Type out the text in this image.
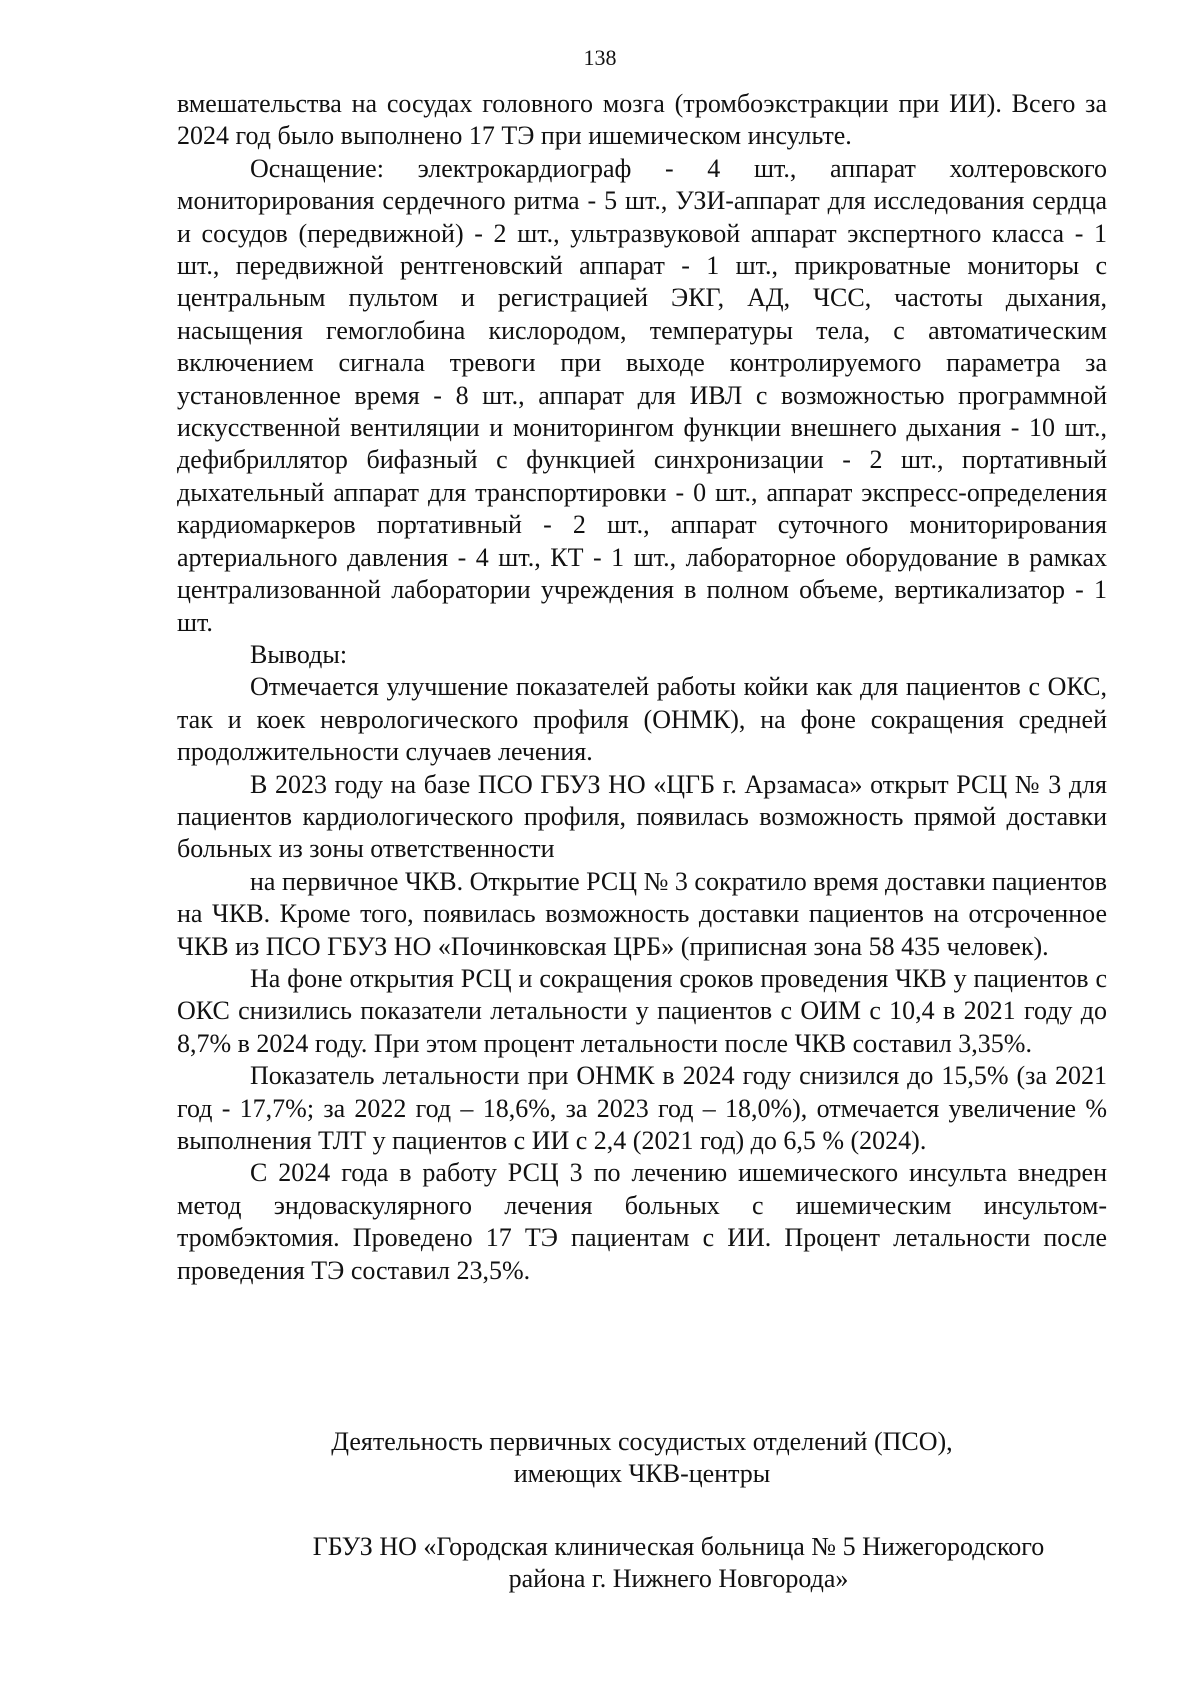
138

вмешательства на сосудах головного мозга (тромбоэкстракции при ИИ). Всего за 2024 год было выполнено 17 ТЭ при ишемическом инсульте.

Оснащение: электрокардиограф - 4 шт., аппарат холтеровского мониторирования сердечного ритма - 5 шт., УЗИ-аппарат для исследования сердца и сосудов (передвижной) - 2 шт., ультразвуковой аппарат экспертного класса - 1 шт., передвижной рентгеновский аппарат - 1 шт., прикроватные мониторы с центральным пультом и регистрацией ЭКГ, АД, ЧСС, частоты дыхания, насыщения гемоглобина кислородом, температуры тела, с автоматическим включением сигнала тревоги при выходе контролируемого параметра за установленное время - 8 шт., аппарат для ИВЛ с возможностью программной искусственной вентиляции и мониторингом функции внешнего дыхания - 10 шт., дефибриллятор бифазный с функцией синхронизации - 2 шт., портативный дыхательный аппарат для транспортировки - 0 шт., аппарат экспресс-определения кардиомаркеров портативный - 2 шт., аппарат суточного мониторирования артериального давления - 4 шт., КТ - 1 шт., лабораторное оборудование в рамках централизованной лаборатории учреждения в полном объеме, вертикализатор - 1 шт.

Выводы:

Отмечается улучшение показателей работы койки как для пациентов с ОКС, так и коек неврологического профиля (ОНМК), на фоне сокращения средней продолжительности случаев лечения.

В 2023 году на базе ПСО ГБУЗ НО «ЦГБ г. Арзамаса» открыт РСЦ № 3 для пациентов кардиологического профиля, появилась возможность прямой доставки больных из зоны ответственности

на первичное ЧКВ. Открытие РСЦ № 3 сократило время доставки пациентов на ЧКВ. Кроме того, появилась возможность доставки пациентов на отсроченное ЧКВ из ПСО ГБУЗ НО «Починковская ЦРБ» (приписная зона 58 435 человек).

На фоне открытия РСЦ и сокращения сроков проведения ЧКВ у пациентов с ОКС снизились показатели летальности у пациентов с ОИМ с 10,4 в 2021 году до 8,7% в 2024 году. При этом процент летальности после ЧКВ составил 3,35%.

Показатель летальности при ОНМК в 2024 году снизился до 15,5% (за 2021 год - 17,7%; за 2022 год – 18,6%, за 2023 год – 18,0%), отмечается увеличение % выполнения ТЛТ у пациентов с ИИ с 2,4 (2021 год) до 6,5 % (2024).

С 2024 года в работу РСЦ 3 по лечению ишемического инсульта внедрен метод эндоваскулярного лечения больных с ишемическим инсультом-тромбэктомия. Проведено 17 ТЭ пациентам с ИИ. Процент летальности после проведения ТЭ составил 23,5%.

Деятельность первичных сосудистых отделений (ПСО),
имеющих ЧКВ-центры
ГБУЗ НО «Городская клиническая больница № 5 Нижегородского
района г. Нижнего Новгорода»
